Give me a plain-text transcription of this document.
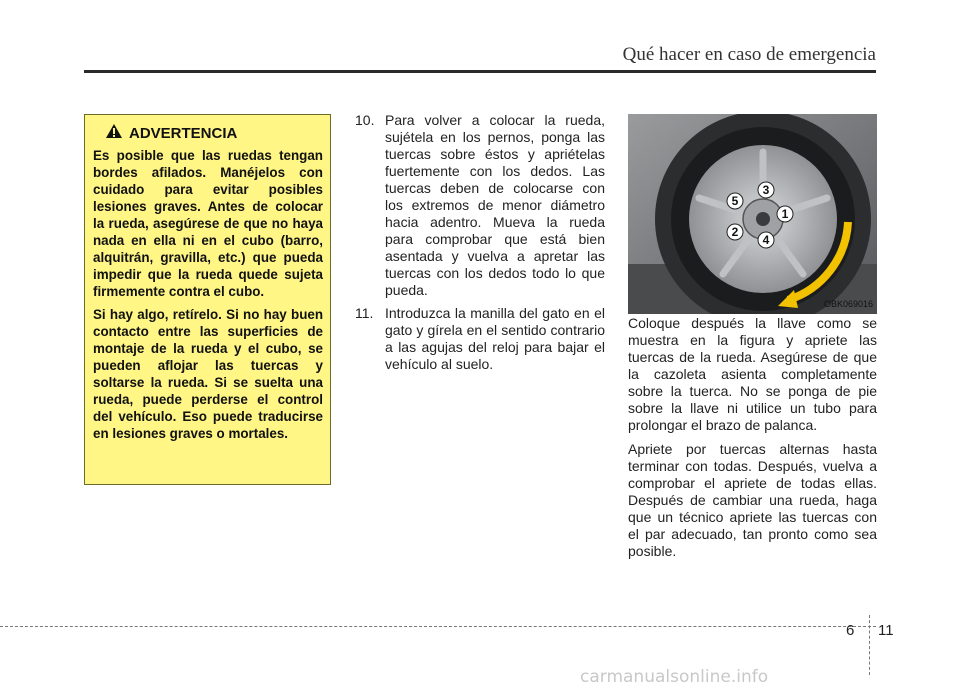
Qué hacer en caso de emergencia
ADVERTENCIA

Es posible que las ruedas tengan bordes afilados. Manéjelos con cuidado para evitar posibles lesiones graves. Antes de colocar la rueda, asegúrese de que no haya nada en ella ni en el cubo (barro, alquitrán, gravilla, etc.) que pueda impedir que la rueda quede sujeta firmemente contra el cubo.

Si hay algo, retírelo. Si no hay buen contacto entre las superficies de montaje de la rueda y el cubo, se pueden aflojar las tuercas y soltarse la rueda. Si se suelta una rueda, puede perderse el control del vehículo. Eso puede traducirse en lesiones graves o mortales.

10. Para volver a colocar la rueda, sujétela en los pernos, ponga las tuercas sobre éstos y apriételas fuertemente con los dedos. Las tuercas deben de colocarse con los extremos de menor diámetro hacia adentro. Mueva la rueda para comprobar que está bien asentada y vuelva a apretar las tuercas con los dedos todo lo que pueda.
11. Introduzca la manilla del gato en el gato y gírela en el sentido contrario a las agujas del reloj para bajar el vehículo al suelo.
1
2
3
4
5
OBK069016

Coloque después la llave como se muestra en la figura y apriete las tuercas de la rueda. Asegúrese de que la cazoleta asienta completamente sobre la tuerca. No se ponga de pie sobre la llave ni utilice un tubo para prolongar el brazo de palanca.

Apriete por tuercas alternas hasta terminar con todas. Después, vuelva a comprobar el apriete de todas ellas. Después de cambiar una rueda, haga que un técnico apriete las tuercas con el par adecuado, tan pronto como sea posible.

6 11
carmanualsonline.info
